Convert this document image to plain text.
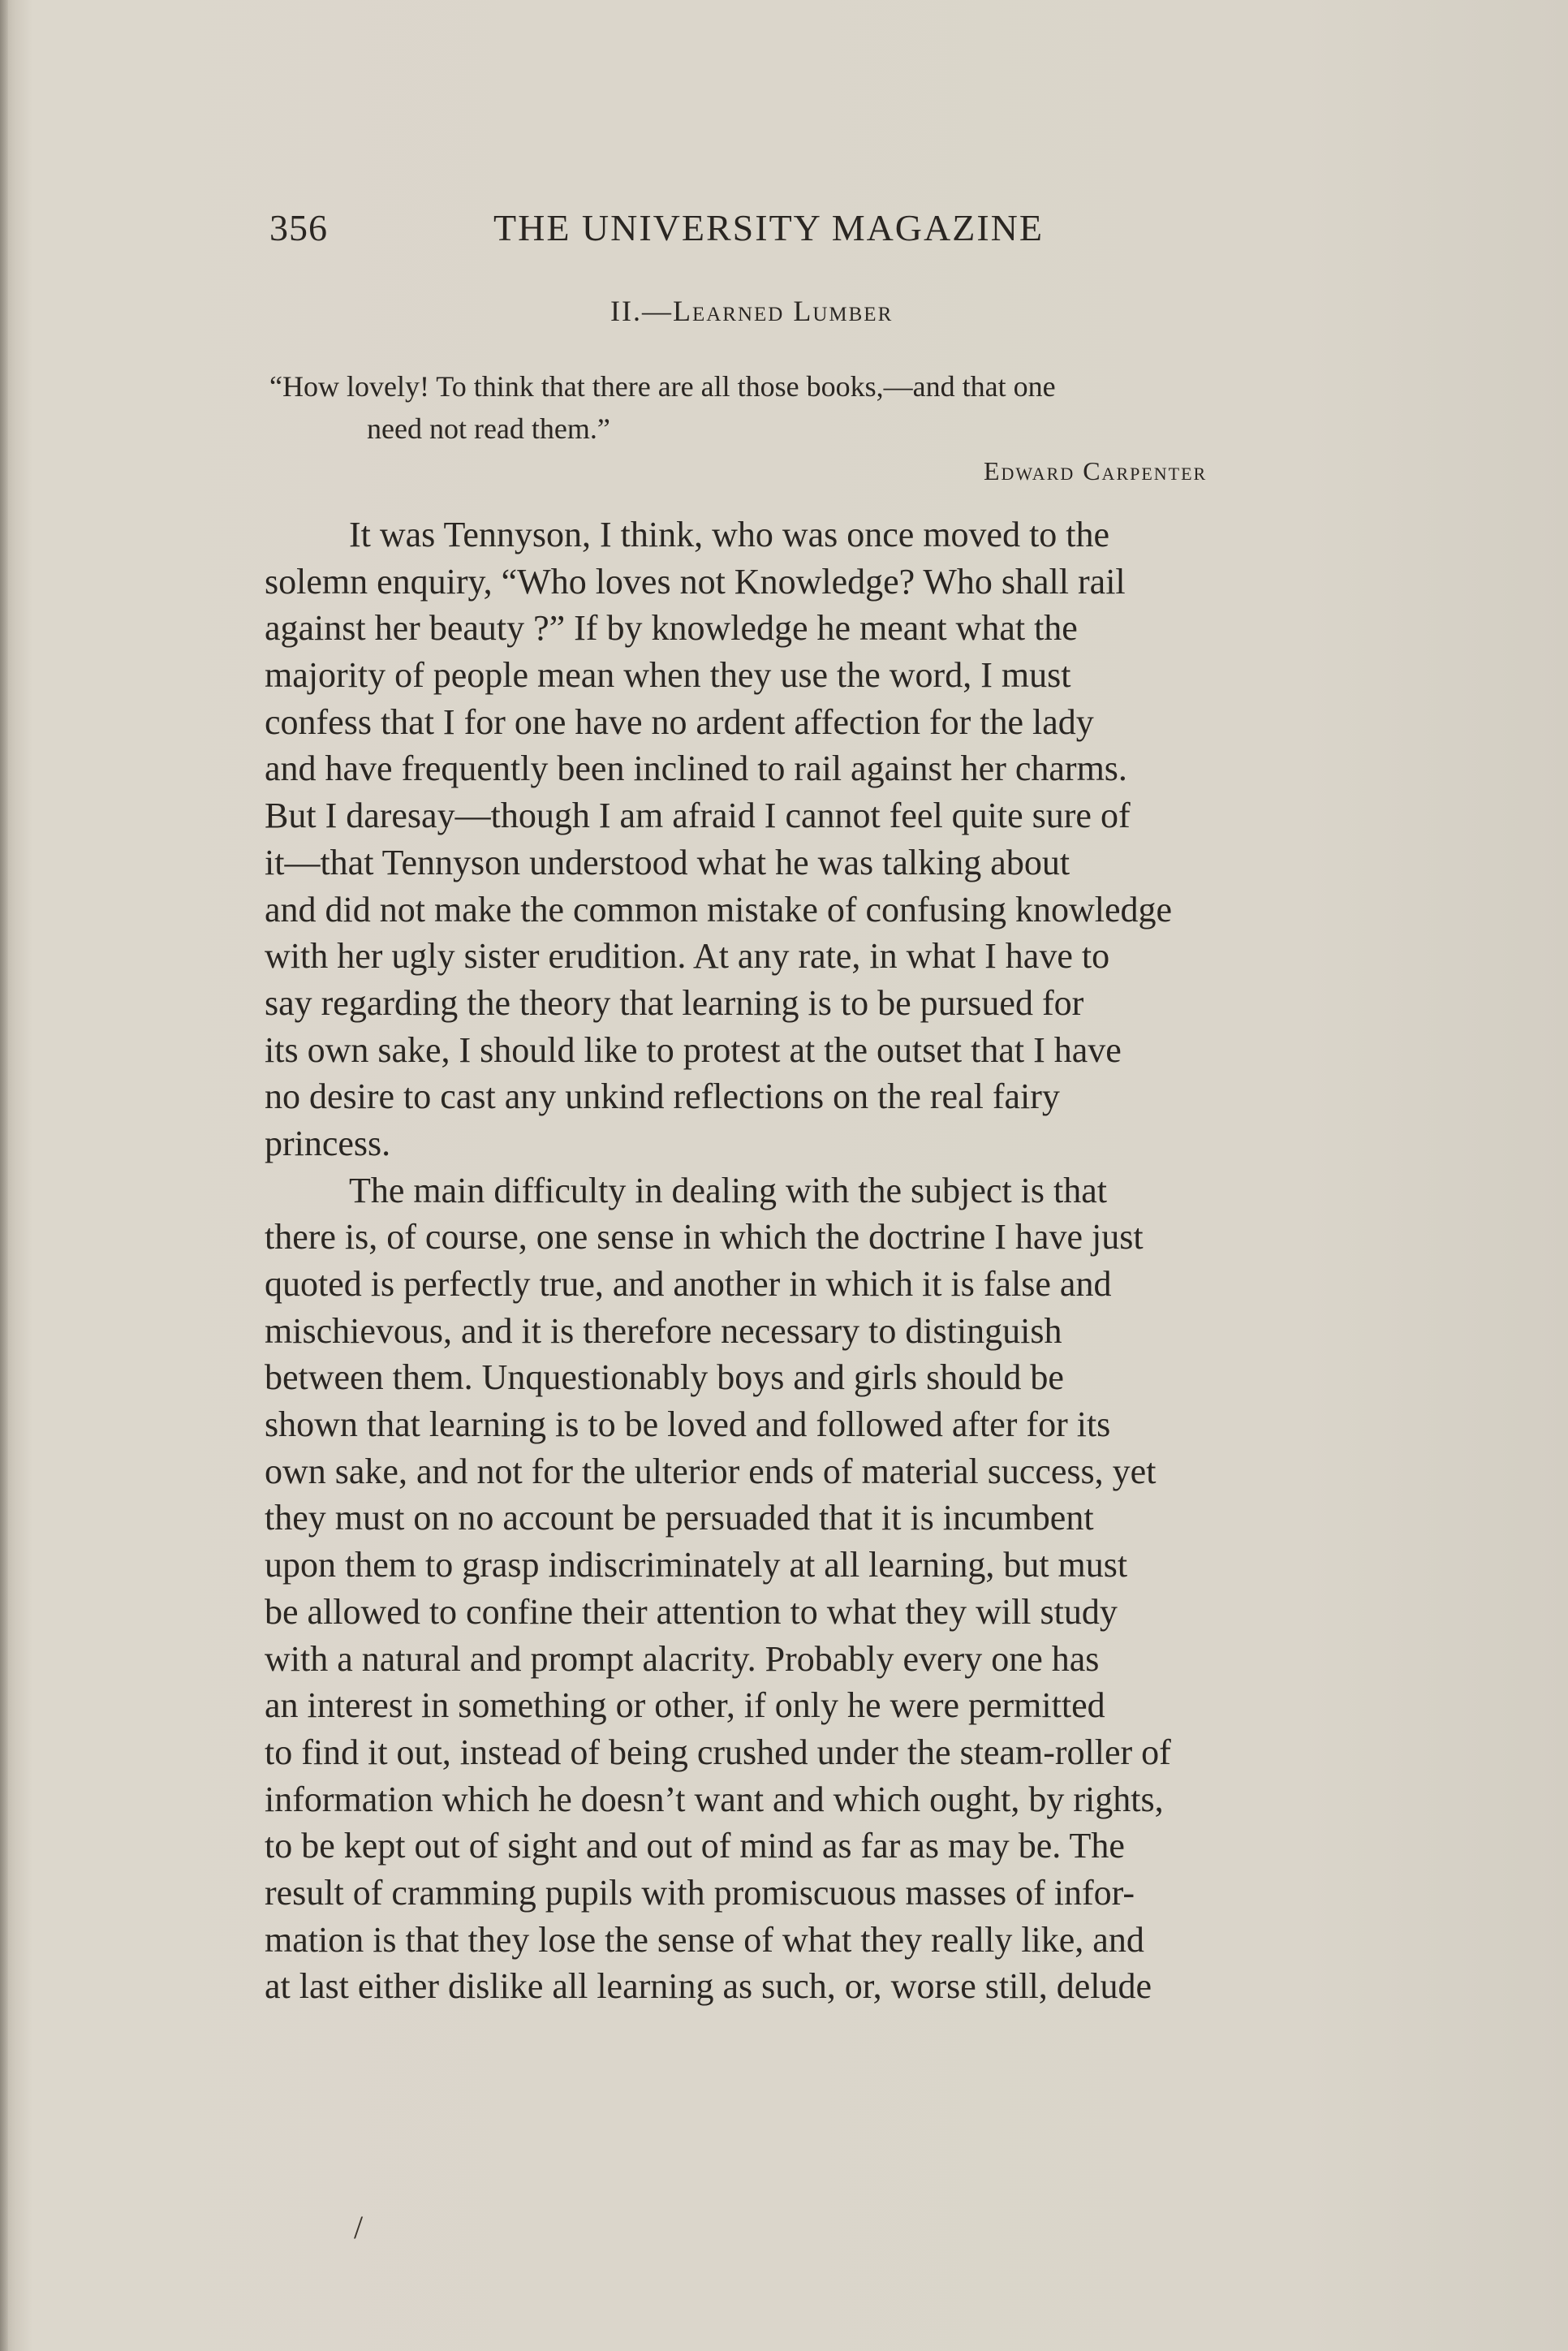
356	THE UNIVERSITY MAGAZINE
II.—Learned Lumber
“How lovely! To think that there are all those books,—and that one
need not read them.”
Edward Carpenter
It was Tennyson, I think, who was once moved to the
solemn enquiry, “Who loves not Knowledge? Who shall rail
against her beauty ?” If by knowledge he meant what the
majority of people mean when they use the word, I must
confess that I for one have no ardent affection for the lady
and have frequently been inclined to rail against her charms.
But I daresay—though I am afraid I cannot feel quite sure of
it—that Tennyson understood what he was talking about
and did not make the common mistake of confusing knowledge
with her ugly sister erudition. At any rate, in what I have to
say regarding the theory that learning is to be pursued for
its own sake, I should like to protest at the outset that I have
no desire to cast any unkind reflections on the real fairy
princess.
The main difficulty in dealing with the subject is that
there is, of course, one sense in which the doctrine I have just
quoted is perfectly true, and another in which it is false and
mischievous, and it is therefore necessary to distinguish
between them. Unquestionably boys and girls should be
shown that learning is to be loved and followed after for its
own sake, and not for the ulterior ends of material success, yet
they must on no account be persuaded that it is incumbent
upon them to grasp indiscriminately at all learning, but must
be allowed to confine their attention to what they will study
with a natural and prompt alacrity. Probably every one has
an interest in something or other, if only he were permitted
to find it out, instead of being crushed under the steam-roller of
information which he doesn’t want and which ought, by rights,
to be kept out of sight and out of mind as far as may be. The
result of cramming pupils with promiscuous masses of infor-
mation is that they lose the sense of what they really like, and
at last either dislike all learning as such, or, worse still, delude
/
